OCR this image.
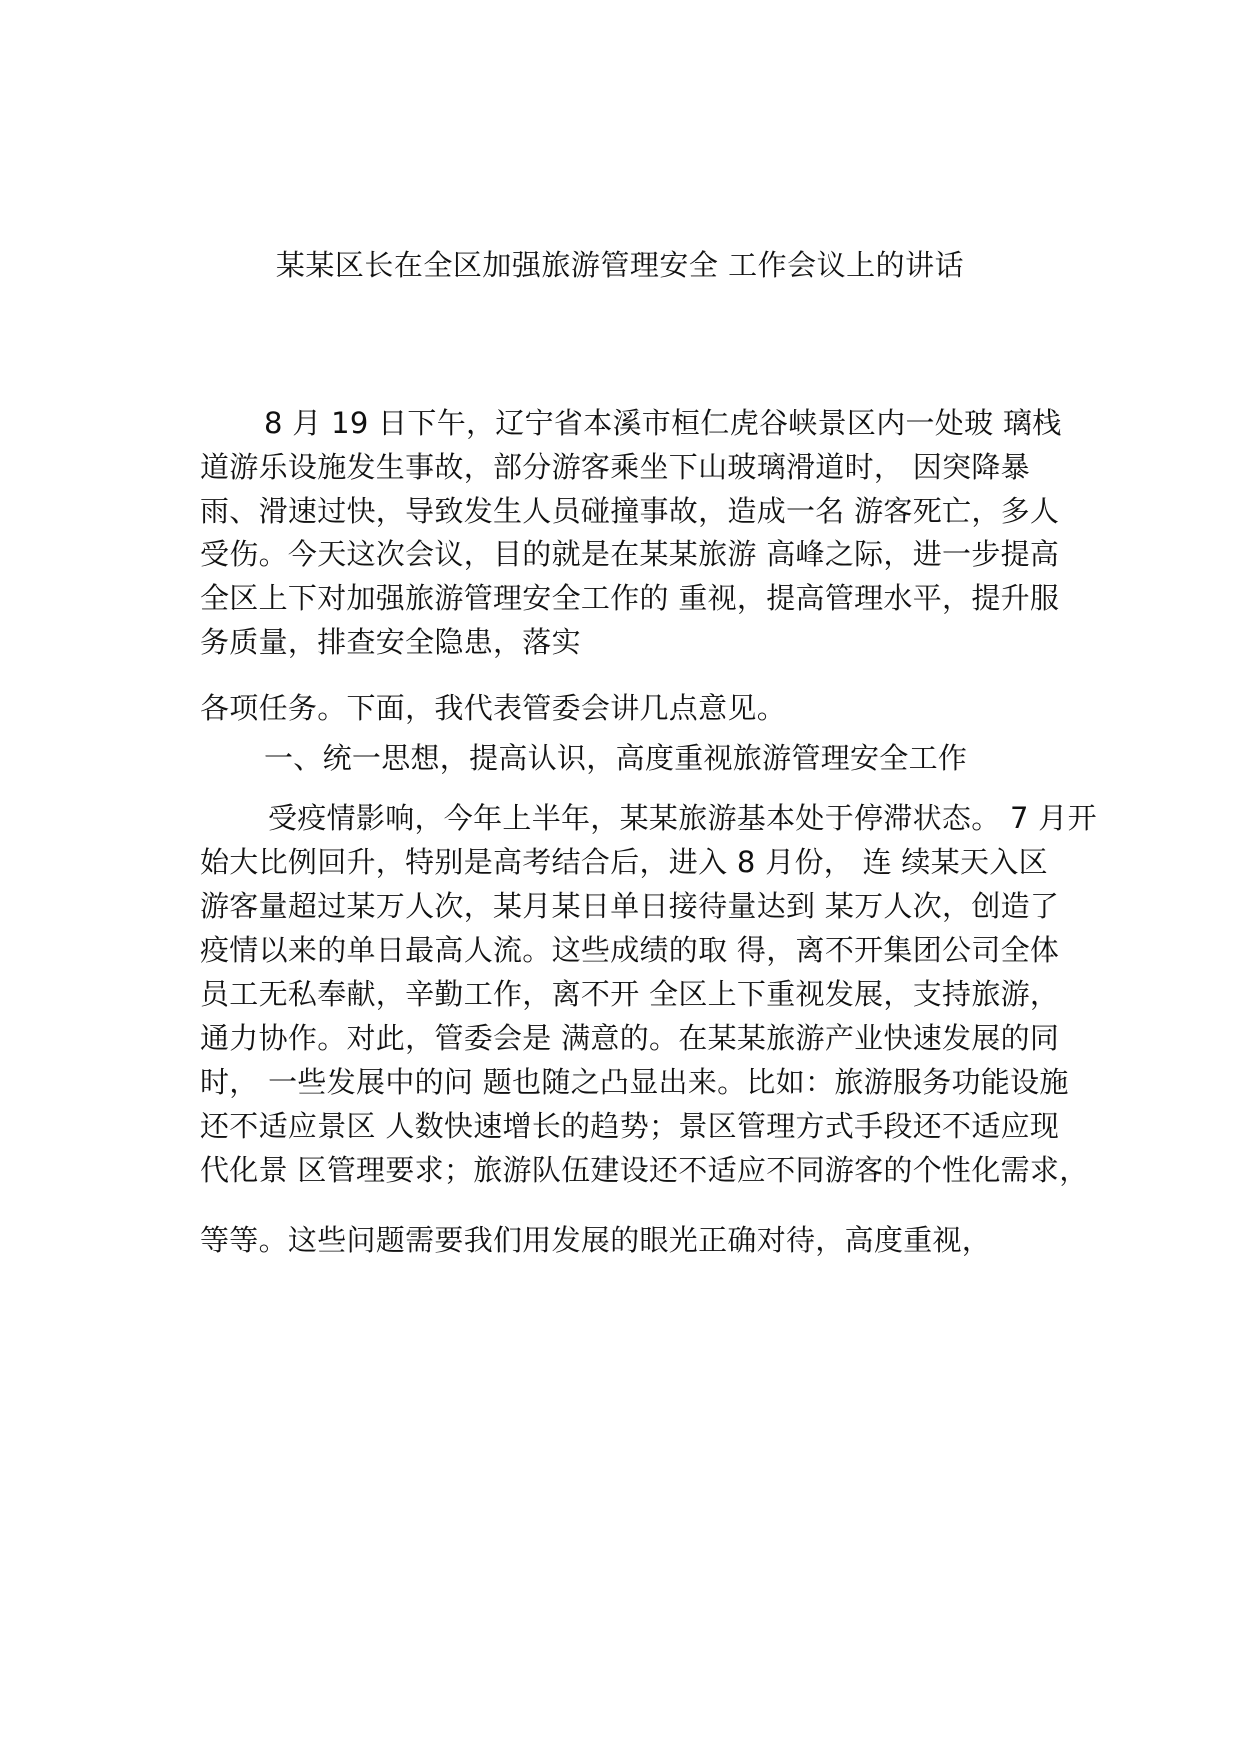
某某区长在全区加强旅游管理安全 工作会议上的讲话
8 月 19 日下午，辽宁省本溪市桓仁虎谷峡景区内一处玻 璃栈
道游乐设施发生事故，部分游客乘坐下山玻璃滑道时， 因突降暴
雨、滑速过快，导致发生人员碰撞事故，造成一名 游客死亡，多人
受伤。今天这次会议，目的就是在某某旅游 高峰之际，进一步提高
全区上下对加强旅游管理安全工作的 重视，提高管理水平，提升服
务质量，排查安全隐患，落实
各项任务。下面，我代表管委会讲几点意见。
一、统一思想，提高认识，高度重视旅游管理安全工作
受疫情影响，今年上半年，某某旅游基本处于停滞状态。 7 月开
始大比例回升，特别是高考结合后，进入 8 月份， 连 续某天入区
游客量超过某万人次，某月某日单日接待量达到 某万人次，创造了
疫情以来的单日最高人流。这些成绩的取 得，离不开集团公司全体
员工无私奉献，辛勤工作，离不开 全区上下重视发展，支持旅游，
通力协作。对此，管委会是 满意的。在某某旅游产业快速发展的同
时， 一些发展中的问 题也随之凸显出来。比如：旅游服务功能设施
还不适应景区 人数快速增长的趋势；景区管理方式手段还不适应现
代化景 区管理要求；旅游队伍建设还不适应不同游客的个性化需求，
等等。这些问题需要我们用发展的眼光正确对待，高度重视，
